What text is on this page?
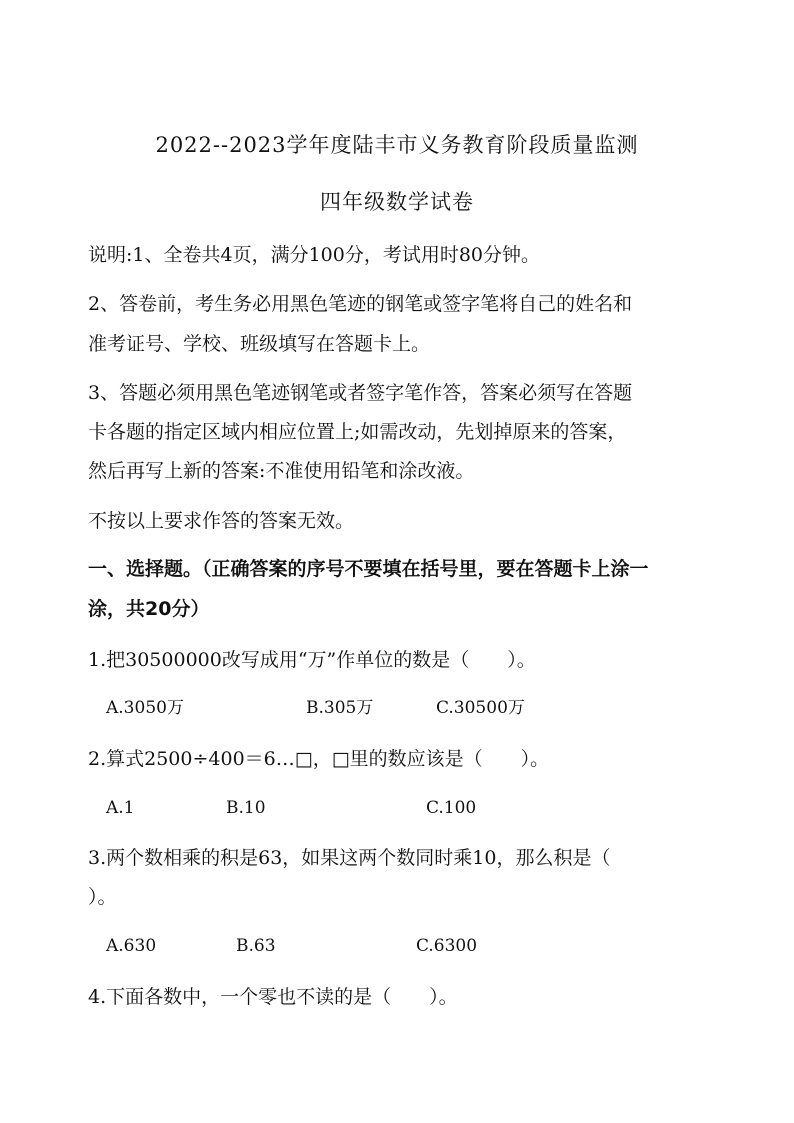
2022--2023学年度陆丰市义务教育阶段质量监测
四年级数学试卷
说明:1、全卷共4页，满分100分，考试用时80分钟。
2、答卷前，考生务必用黑色笔迹的钢笔或签字笔将自己的姓名和
准考证号、学校、班级填写在答题卡上。
3、答题必须用黑色笔迹钢笔或者签字笔作答，答案必须写在答题
卡各题的指定区域内相应位置上;如需改动，先划掉原来的答案，
然后再写上新的答案:不准使用铅笔和涂改液。
不按以上要求作答的答案无效。
一、选择题。（正确答案的序号不要填在括号里，要在答题卡上涂一
涂，共20分）
1.把30500000改写成用“万”作单位的数是（　　）。
A.3050万	B.305万	C.30500万
2.算式2500÷400＝6…□，□里的数应该是（　　）。
A.1	B.10	C.100
3.两个数相乘的积是63，如果这两个数同时乘10，那么积是（
）。
A.630	B.63	C.6300
4.下面各数中，一个零也不读的是（　　）。
